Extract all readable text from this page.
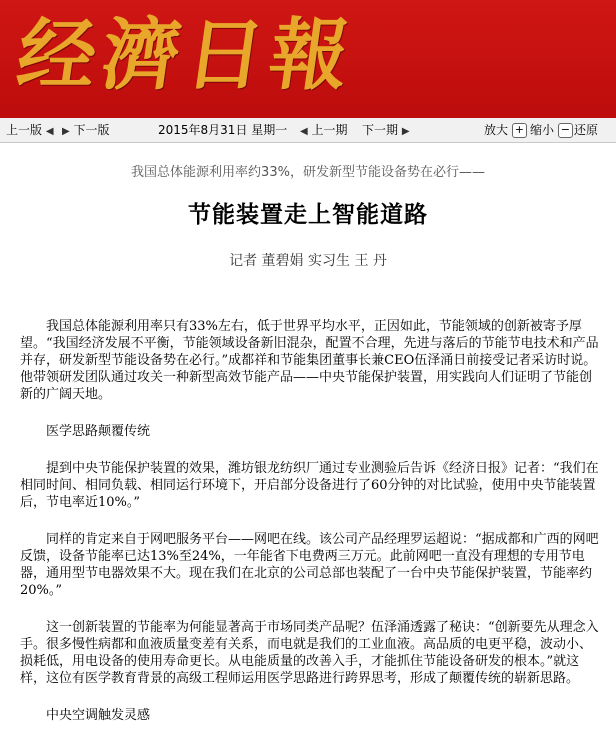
经濟日報
上一版 ◀ ▶ 下一版	2015年8月31日 星期一 ◀ 上一期 下一期 ▶	放大 + 缩小 − 还原
我国总体能源利用率约33%，研发新型节能设备势在必行——
节能装置走上智能道路
记者 董碧娟 实习生 王 丹

我国总体能源利用率只有33%左右，低于世界平均水平，正因如此，节能领域的创新被寄予厚望。“我国经济发展不平衡，节能领域设备新旧混杂，配置不合理，先进与落后的节能节电技术和产品并存，研发新型节能设备势在必行。”成都祥和节能集团董事长兼CEO伍泽涌日前接受记者采访时说。他带领研发团队通过攻关一种新型高效节能产品——中央节能保护装置，用实践向人们证明了节能创新的广阔天地。

医学思路颠覆传统

提到中央节能保护装置的效果，潍坊银龙纺织厂通过专业测验后告诉《经济日报》记者：“我们在相同时间、相同负载、相同运行环境下，开启部分设备进行了60分钟的对比试验，使用中央节能装置后，节电率近10%。”

同样的肯定来自于网吧服务平台——网吧在线。该公司产品经理罗运超说：“据成都和广西的网吧反馈，设备节能率已达13%至24%，一年能省下电费两三万元。此前网吧一直没有理想的专用节电器，通用型节电器效果不大。现在我们在北京的公司总部也装配了一台中央节能保护装置，节能率约20%。”

这一创新装置的节能率为何能显著高于市场同类产品呢？伍泽涌透露了秘诀：“创新要先从理念入手。很多慢性病都和血液质量变差有关系，而电就是我们的工业血液。高品质的电更平稳，波动小、损耗低，用电设备的使用寿命更长。从电能质量的改善入手，才能抓住节能设备研发的根本。”就这样，这位有医学教育背景的高级工程师运用医学思路进行跨界思考，形成了颠覆传统的崭新思路。

中央空调触发灵感
